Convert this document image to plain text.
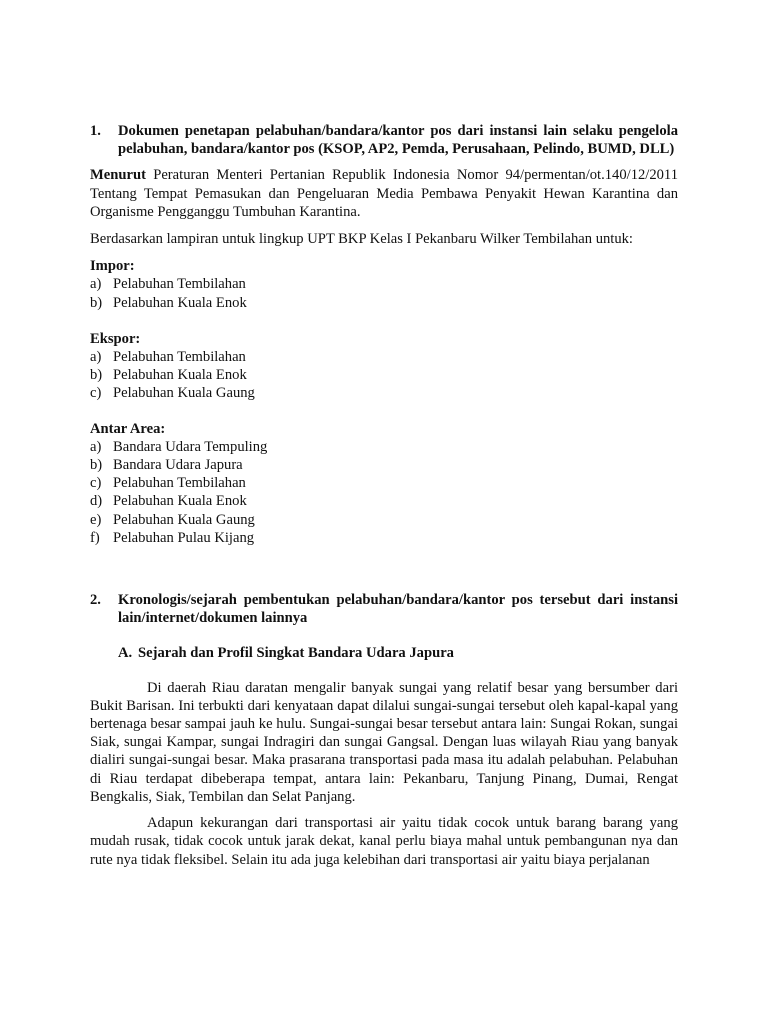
1.	Dokumen penetapan pelabuhan/bandara/kantor pos dari instansi lain selaku pengelola pelabuhan, bandara/kantor pos (KSOP, AP2, Pemda, Perusahaan, Pelindo, BUMD, DLL)

Menurut Peraturan Menteri Pertanian Republik Indonesia Nomor 94/permentan/ot.140/12/2011 Tentang Tempat Pemasukan dan Pengeluaran Media Pembawa Penyakit Hewan Karantina dan Organisme Pengganggu Tumbuhan Karantina.

Berdasarkan lampiran untuk lingkup UPT BKP Kelas I Pekanbaru Wilker Tembilahan untuk:

Impor:

a) Pelabuhan Tembilahan
b) Pelabuhan Kuala Enok

Ekspor:

a) Pelabuhan Tembilahan
b) Pelabuhan Kuala Enok
c) Pelabuhan Kuala Gaung

Antar Area:

a) Bandara Udara Tempuling
b) Bandara Udara Japura
c) Pelabuhan Tembilahan
d) Pelabuhan Kuala Enok
e) Pelabuhan Kuala Gaung
f) Pelabuhan Pulau Kijang
2.	Kronologis/sejarah pembentukan pelabuhan/bandara/kantor pos tersebut dari instansi lain/internet/dokumen lainnya
A. Sejarah dan Profil Singkat Bandara Udara Japura

Di daerah Riau daratan mengalir banyak sungai yang relatif besar yang bersumber dari Bukit Barisan. Ini terbukti dari kenyataan dapat dilalui sungai-sungai tersebut oleh kapal-kapal yang bertenaga besar sampai jauh ke hulu. Sungai-sungai besar tersebut antara lain: Sungai Rokan, sungai Siak, sungai Kampar, sungai Indragiri dan sungai Gangsal. Dengan luas wilayah Riau yang banyak dialiri sungai-sungai besar. Maka prasarana transportasi pada masa itu adalah pelabuhan. Pelabuhan di Riau terdapat dibeberapa tempat, antara lain: Pekanbaru, Tanjung Pinang, Dumai, Rengat Bengkalis, Siak, Tembilan dan Selat Panjang.

Adapun kekurangan dari transportasi air yaitu tidak cocok untuk barang barang yang mudah rusak, tidak cocok untuk jarak dekat, kanal perlu biaya mahal untuk pembangunan nya dan rute nya tidak fleksibel. Selain itu ada juga kelebihan dari transportasi air yaitu biaya perjalanan
